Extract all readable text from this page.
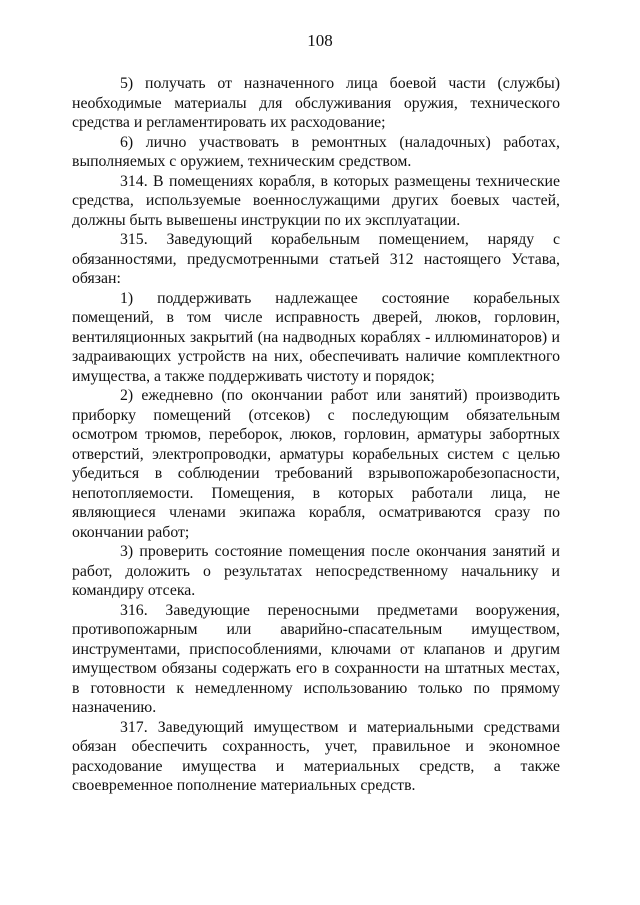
108

5) получать от назначенного лица боевой части (службы) необходимые материалы для обслуживания оружия, технического средства и регламентировать их расходование;

6) лично участвовать в ремонтных (наладочных) работах, выполняемых с оружием, техническим средством.

314. В помещениях корабля, в которых размещены технические средства, используемые военнослужащими других боевых частей, должны быть вывешены инструкции по их эксплуатации.

315. Заведующий корабельным помещением, наряду с обязанностями, предусмотренными статьей 312 настоящего Устава, обязан:

1) поддерживать надлежащее состояние корабельных помещений, в том числе исправность дверей, люков, горловин, вентиляционных закрытий (на надводных кораблях - иллюминаторов) и задраивающих устройств на них, обеспечивать наличие комплектного имущества, а также поддерживать чистоту и порядок;

2) ежедневно (по окончании работ или занятий) производить приборку помещений (отсеков) с последующим обязательным осмотром трюмов, переборок, люков, горловин, арматуры забортных отверстий, электропроводки, арматуры корабельных систем с целью убедиться в соблюдении требований взрывопожаробезопасности, непотопляемости. Помещения, в которых работали лица, не являющиеся членами экипажа корабля, осматриваются сразу по окончании работ;

3) проверить состояние помещения после окончания занятий и работ, доложить о результатах непосредственному начальнику и командиру отсека.

316. Заведующие переносными предметами вооружения, противопожарным или аварийно-спасательным имуществом, инструментами, приспособлениями, ключами от клапанов и другим имуществом обязаны содержать его в сохранности на штатных местах, в готовности к немедленному использованию только по прямому назначению.

317. Заведующий имуществом и материальными средствами обязан обеспечить сохранность, учет, правильное и экономное расходование имущества и материальных средств, а также своевременное пополнение материальных средств.
